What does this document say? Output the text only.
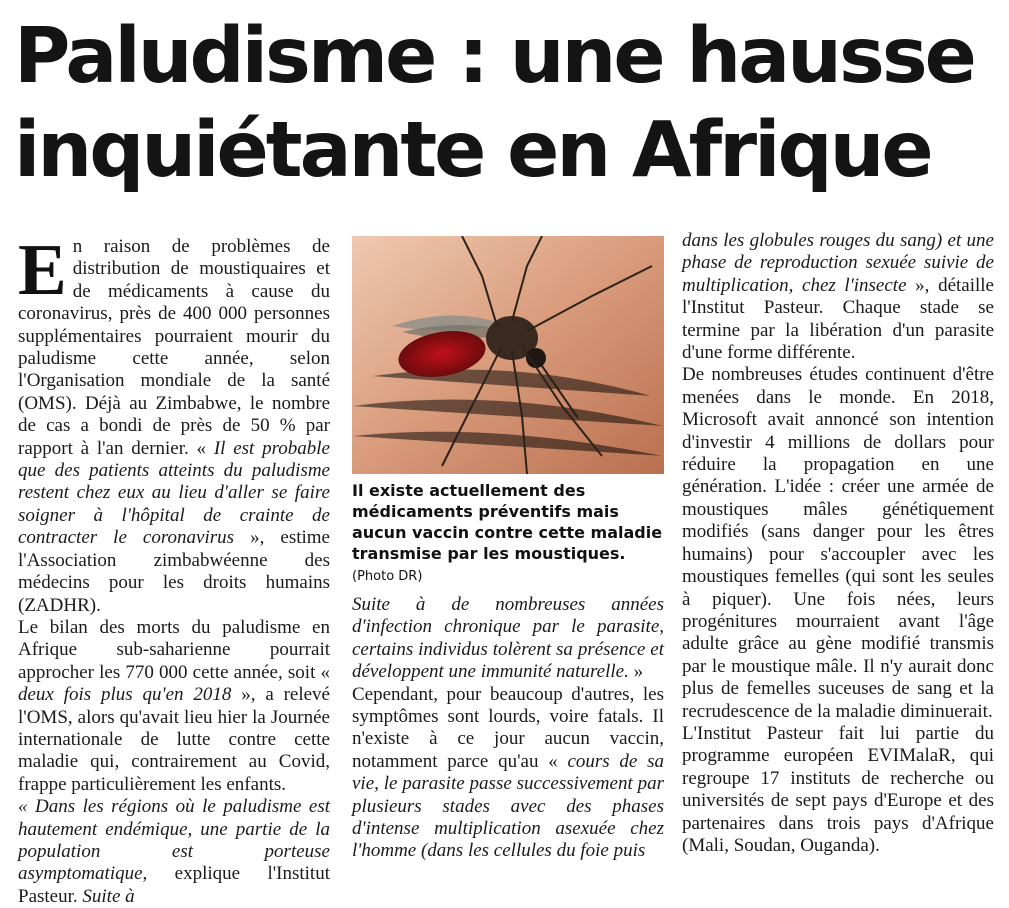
Paludisme : une hausse
inquiétante en Afrique

En raison de problèmes de distribution de moustiquaires et de médicaments à cause du coronavirus, près de 400 000 personnes supplémentaires pourraient mourir du paludisme cette année, selon l'Organisation mondiale de la santé (OMS). Déjà au Zimbabwe, le nombre de cas a bondi de près de 50 % par rapport à l'an dernier. « Il est probable que des patients atteints du paludisme restent chez eux au lieu d'aller se faire soigner à l'hôpital de crainte de contracter le coronavirus », estime l'Association zimbabwéenne des médecins pour les droits humains (ZADHR).

Le bilan des morts du paludisme en Afrique sub-saharienne pourrait approcher les 770 000 cette année, soit « deux fois plus qu'en 2018 », a relevé l'OMS, alors qu'avait lieu hier la Journée internationale de lutte contre cette maladie qui, contrairement au Covid, frappe particulièrement les enfants.

« Dans les régions où le paludisme est hautement endémique, une partie de la population est porteuse asymptomatique, explique l'Institut Pasteur. Suite à

Il existe actuellement des médicaments préventifs mais aucun vaccin contre cette maladie transmise par les moustiques. (Photo DR)

Suite à de nombreuses années d'infection chronique par le parasite, certains individus tolèrent sa présence et développent une immunité naturelle. »

Cependant, pour beaucoup d'autres, les symptômes sont lourds, voire fatals. Il n'existe à ce jour aucun vaccin, notamment parce qu'au « cours de sa vie, le parasite passe successivement par plusieurs stades avec des phases d'intense multiplication asexuée chez l'homme (dans les cellules du foie puis

dans les globules rouges du sang) et une phase de reproduction sexuée suivie de multiplication, chez l'insecte », détaille l'Institut Pasteur. Chaque stade se termine par la libération d'un parasite d'une forme différente.

De nombreuses études continuent d'être menées dans le monde. En 2018, Microsoft avait annoncé son intention d'investir 4 millions de dollars pour réduire la propagation en une génération. L'idée : créer une armée de moustiques mâles génétiquement modifiés (sans danger pour les êtres humains) pour s'accoupler avec les moustiques femelles (qui sont les seules à piquer). Une fois nées, leurs progénitures mourraient avant l'âge adulte grâce au gène modifié transmis par le moustique mâle. Il n'y aurait donc plus de femelles suceuses de sang et la recrudescence de la maladie diminuerait.

L'Institut Pasteur fait lui partie du programme européen EVIMalaR, qui regroupe 17 instituts de recherche ou universités de sept pays d'Europe et des partenaires dans trois pays d'Afrique (Mali, Soudan, Ouganda).
